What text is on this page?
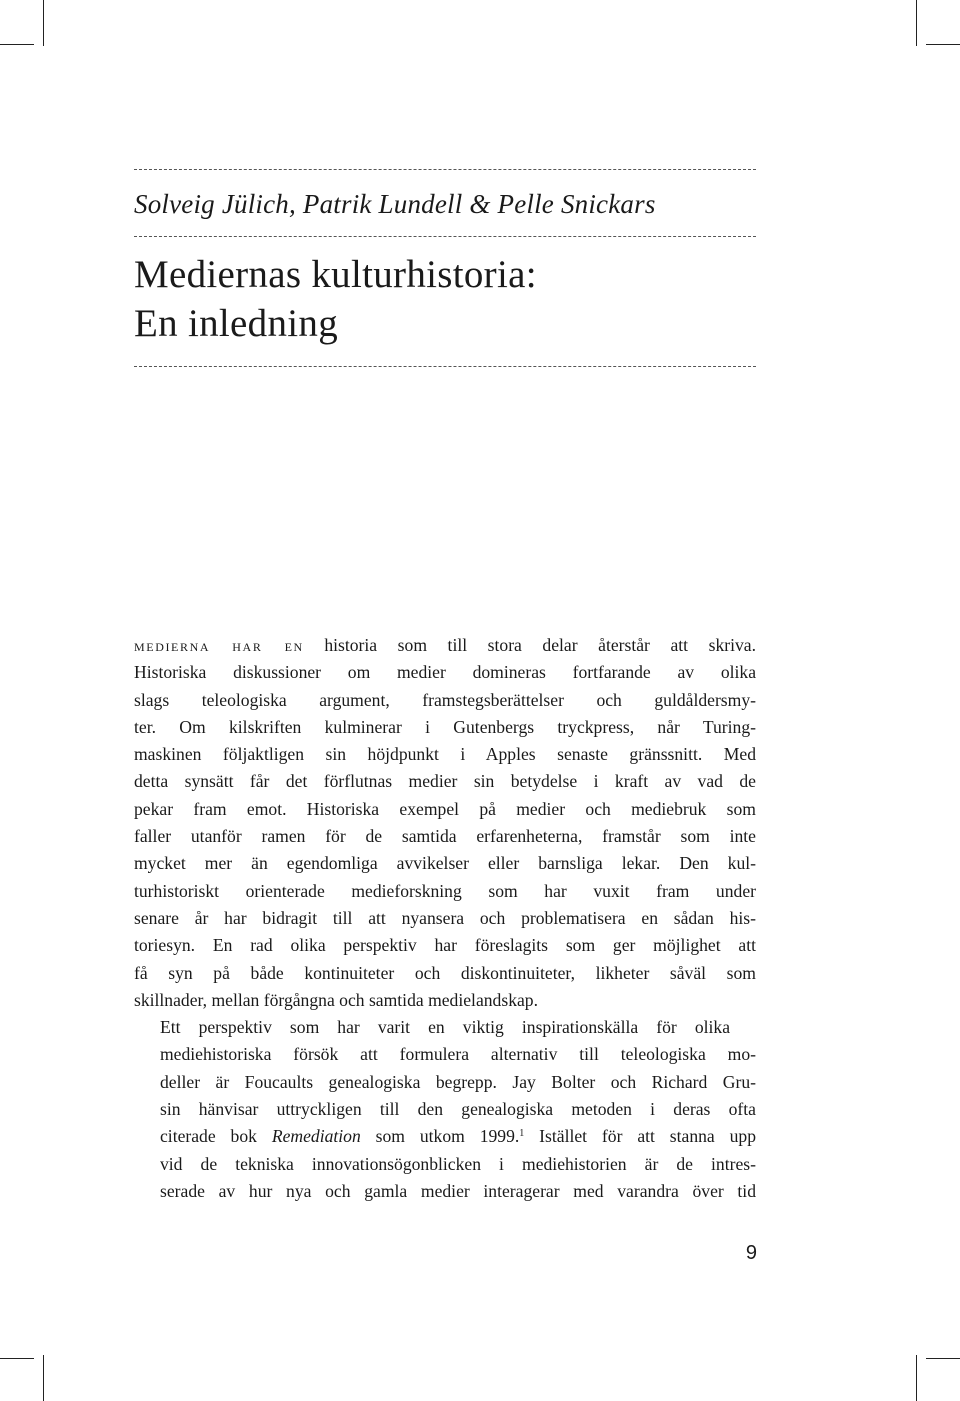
Solveig Jülich, Patrik Lundell & Pelle Snickars
Mediernas kulturhistoria:
En inledning

medierna har en historia som till stora delar återstår att skriva.
Historiska diskussioner om medier domineras fortfarande av olika
slags teleologiska argument, framstegsberättelser och guldåldersmy-
ter. Om kilskriften kulminerar i Gutenbergs tryckpress, når Turing-
maskinen följaktligen sin höjdpunkt i Apples senaste gränssnitt. Med
detta synsätt får det förflutnas medier sin betydelse i kraft av vad de
pekar fram emot. Historiska exempel på medier och mediebruk som
faller utanför ramen för de samtida erfarenheterna, framstår som inte
mycket mer än egendomliga avvikelser eller barnsliga lekar. Den kul-
turhistoriskt orienterade medieforskning som har vuxit fram under
senare år har bidragit till att nyansera och problematisera en sådan his-
toriesyn. En rad olika perspektiv har föreslagits som ger möjlighet att
få syn på både kontinuiteter och diskontinuiteter, likheter såväl som
skillnader, mellan förgångna och samtida medielandskap.

Ett perspektiv som har varit en viktig inspirationskälla för olika
mediehistoriska försök att formulera alternativ till teleologiska mo-
deller är Foucaults genealogiska begrepp. Jay Bolter och Richard Gru-
sin hänvisar uttryckligen till den genealogiska metoden i deras ofta
citerade bok Remediation som utkom 1999.$^1$ Istället för att stanna upp
vid de tekniska innovationsögonblicken i mediehistorien är de intres-
serade av hur nya och gamla medier interagerar med varandra över tid

9
